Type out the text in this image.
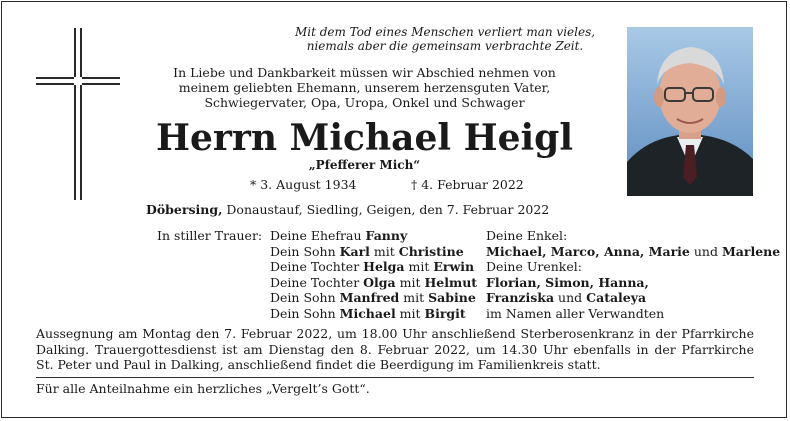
Mit dem Tod eines Menschen verliert man vieles,
niemals aber die gemeinsam verbrachte Zeit.
In Liebe und Dankbarkeit müssen wir Abschied nehmen von
meinem geliebten Ehemann, unserem herzensguten Vater,
Schwiegervater, Opa, Uropa, Onkel und Schwager
Herrn Michael Heigl
„Pfefferer Mich“
* 3. August 1934	† 4. Februar 2022
Döbersing, Donaustauf, Siedling, Geigen, den 7. Februar 2022
In stiller Trauer: Deine Ehefrau Fanny
Dein Sohn Karl mit Christine
Deine Tochter Helga mit Erwin
Deine Tochter Olga mit Helmut
Dein Sohn Manfred mit Sabine
Dein Sohn Michael mit Birgit
Deine Enkel:
Michael, Marco, Anna, Marie und Marlene
Deine Urenkel:
Florian, Simon, Hanna,
Franziska und Cataleya
im Namen aller Verwandten
Aussegnung am Montag den 7. Februar 2022, um 18.00 Uhr anschließend Sterberosenkranz in der Pfarrkirche
Dalking. Trauergottesdienst ist am Dienstag den 8. Februar 2022, um 14.30 Uhr ebenfalls in der Pfarrkirche
St. Peter und Paul in Dalking, anschließend findet die Beerdigung im Familienkreis statt.
Für alle Anteilnahme ein herzliches „Vergelt’s Gott“.
